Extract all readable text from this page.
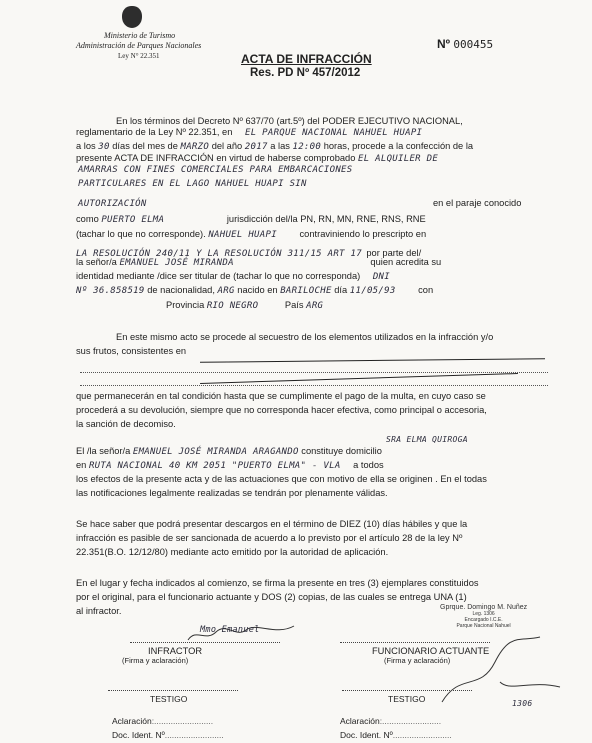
Ministerio de Turismo
Administración de Parques Nacionales
Ley N° 22.351	ACTA DE INFRACCIÓN
Res. PD Nº 457/2012
Nº 000455
En los términos del Decreto Nº 637/70 (art.5º) del PODER EJECUTIVO NACIONAL,
reglamentario de la Ley Nº 22.351, en EL PARQUE NACIONAL NAHUEL HUAPI
a los 30 días del mes de MARZO del año 2017 a las 12:00 horas, procede a la confección de la
presente ACTA DE INFRACCIÓN en virtud de haberse comprobado EL ALQUILER DE
AMARRAS CON FINES COMERCIALES PARA EMBARCACIONES
PARTICULARES EN EL LAGO NAHUEL HUAPI SIN
AUTORIZACIÓN	en el paraje conocido
como PUERTO ELMA	jurisdicción del/la PN, RN, MN, RNE, RNS, RNE
(tachar lo que no corresponde). NAHUEL HUAPI contraviniendo lo prescripto en
LA RESOLUCIÓN 240/11 Y LA RESOLUCIÓN 311/15 ART 17 por parte del/
la señor/a EMANUEL JOSÉ MIRANDA	quien acredita su
identidad mediante /dice ser titular de (tachar lo que no corresponda) DNI
Nº 36.858519 de nacionalidad, ARG nacido en BARILOCHE día 11/05/93 con
Provincia RIO NEGRO	País ARG
En este mismo acto se procede al secuestro de los elementos utilizados en la infracción y/o
sus frutos, consistentes en
que permanecerán en tal condición hasta que se cumplimente el pago de la multa, en cuyo caso se
procederá a su devolución, siempre que no corresponda hacer efectiva, como principal o accesoria,
la sanción de decomiso.
SRA ELMA QUIROGA
El /la señor/a EMANUEL JOSÉ MIRANDA ARAGANDO constituye domicilio
en RUTA NACIONAL 40 KM 2051 "PUERTO ELMA" - VLA a todos
los efectos de la presente acta y de las actuaciones que con motivo de ella se originen . En el todas
las notificaciones legalmente realizadas se tendrán por plenamente válidas.
Se hace saber que podrá presentar descargos en el término de DIEZ (10) días hábiles y que la
infracción es pasible de ser sancionada de acuerdo a lo previsto por el artículo 28 de la ley Nº
22.351(B.O. 12/12/80) mediante acto emitido por la autoridad de aplicación.
En el lugar y fecha indicados al comienzo, se firma la presente en tres (3) ejemplares constituidos
por el original, para el funcionario actuante y DOS (2) copias, de las cuales se entrega UNA (1)
al infractor.	Gprque. Domingo M. Nuñez
Leg. 1306
Encargado I.C.E.
Parque Nacional Nahuel
Mmo Emanuel
INFRACTOR
(Firma y aclaración)
FUNCIONARIO ACTUANTE
(Firma y aclaración)
1306
TESTIGO
Aclaración:.........................
Doc. Ident. Nº.........................
TESTIGO
Aclaración:.........................
Doc. Ident. Nº.........................
